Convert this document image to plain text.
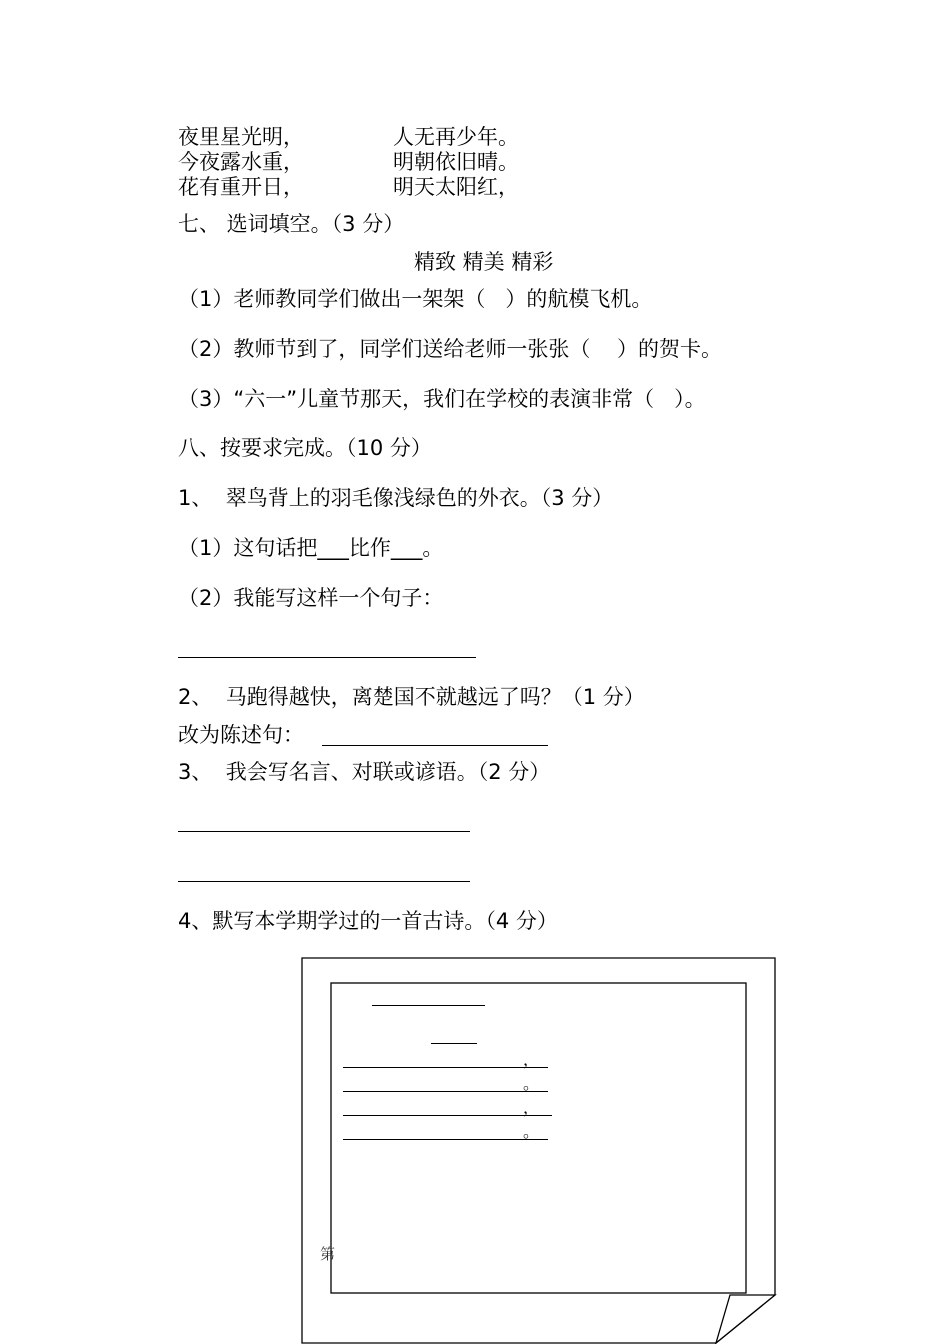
夜里星光明，
今夜露水重，
花有重开日，
人无再少年。
明朝依旧晴。
明天太阳红，
七、 选词填空。（3 分）
精致 精美 精彩
（1）老师教同学们做出一架架（   ）的航模飞机。
（2）教师节到了，同学们送给老师一张张（    ）的贺卡。
（3）“六一”儿童节那天，我们在学校的表演非常（   ）。
八、按要求完成。（10 分）
1、  翠鸟背上的羽毛像浅绿色的外衣。（3 分）
（1）这句话把___比作___。
（2）我能写这样一个句子：
2、  马跑得越快，离楚国不就越远了吗？（1 分）
改为陈述句：
3、  我会写名言、对联或谚语。（2 分）
4、默写本学期学过的一首古诗。（4 分）
，
。
，
。
第
